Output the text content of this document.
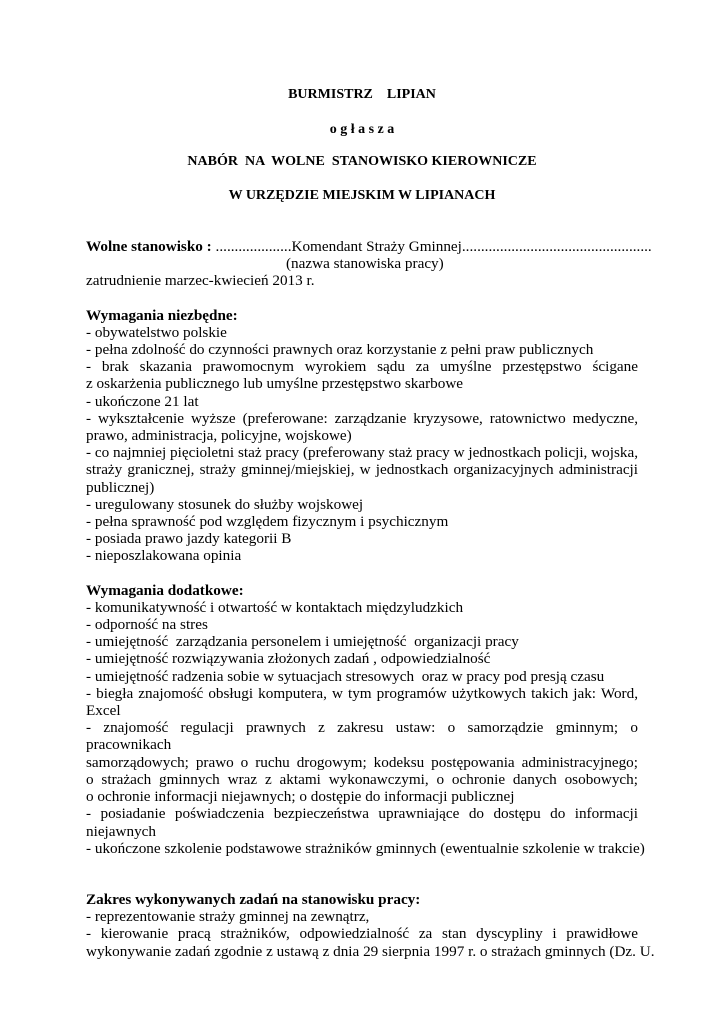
BURMISTRZ    LIPIAN

o g ł a s z a

NABÓR  NA  WOLNE  STANOWISKO KIEROWNICZE

W URZĘDZIE MIEJSKIM W LIPIANACH

Wolne stanowisko : ....................Komendant Straży Gminnej..................................................

(nazwa stanowiska pracy)

zatrudnienie marzec-kwiecień 2013 r.

Wymagania niezbędne:

- obywatelstwo polskie

- pełna zdolność do czynności prawnych oraz korzystanie z pełni praw publicznych

- brak skazania prawomocnym wyrokiem sądu za umyślne przestępstwo ścigane

z oskarżenia publicznego lub umyślne przestępstwo skarbowe

- ukończone 21 lat

- wykształcenie wyższe (preferowane: zarządzanie kryzysowe, ratownictwo medyczne,

prawo, administracja, policyjne, wojskowe)

- co najmniej pięcioletni staż pracy (preferowany staż pracy w jednostkach policji, wojska,

straży granicznej, straży gminnej/miejskiej, w jednostkach organizacyjnych administracji

publicznej)

- uregulowany stosunek do służby wojskowej

- pełna sprawność pod względem fizycznym i psychicznym

- posiada prawo jazdy kategorii B

- nieposzlakowana opinia

Wymagania dodatkowe:

- komunikatywność i otwartość w kontaktach międzyludzkich

- odporność na stres

- umiejętność  zarządzania personelem i umiejętność  organizacji pracy

- umiejętność rozwiązywania złożonych zadań , odpowiedzialność

- umiejętność radzenia sobie w sytuacjach stresowych  oraz w pracy pod presją czasu

- biegła znajomość obsługi komputera, w tym programów użytkowych takich jak: Word,

Excel

- znajomość regulacji prawnych z zakresu ustaw: o samorządzie gminnym; o pracownikach

samorządowych; prawo o ruchu drogowym; kodeksu postępowania administracyjnego;

o strażach gminnych wraz z aktami wykonawczymi, o ochronie danych osobowych;

o ochronie informacji niejawnych; o dostępie do informacji publicznej

- posiadanie poświadczenia bezpieczeństwa uprawniające do dostępu do informacji

niejawnych

- ukończone szkolenie podstawowe strażników gminnych (ewentualnie szkolenie w trakcie)

Zakres wykonywanych zadań na stanowisku pracy:

- reprezentowanie straży gminnej na zewnątrz,

- kierowanie pracą strażników, odpowiedzialność za stan dyscypliny i prawidłowe

wykonywanie zadań zgodnie z ustawą z dnia 29 sierpnia 1997 r. o strażach gminnych (Dz. U.
